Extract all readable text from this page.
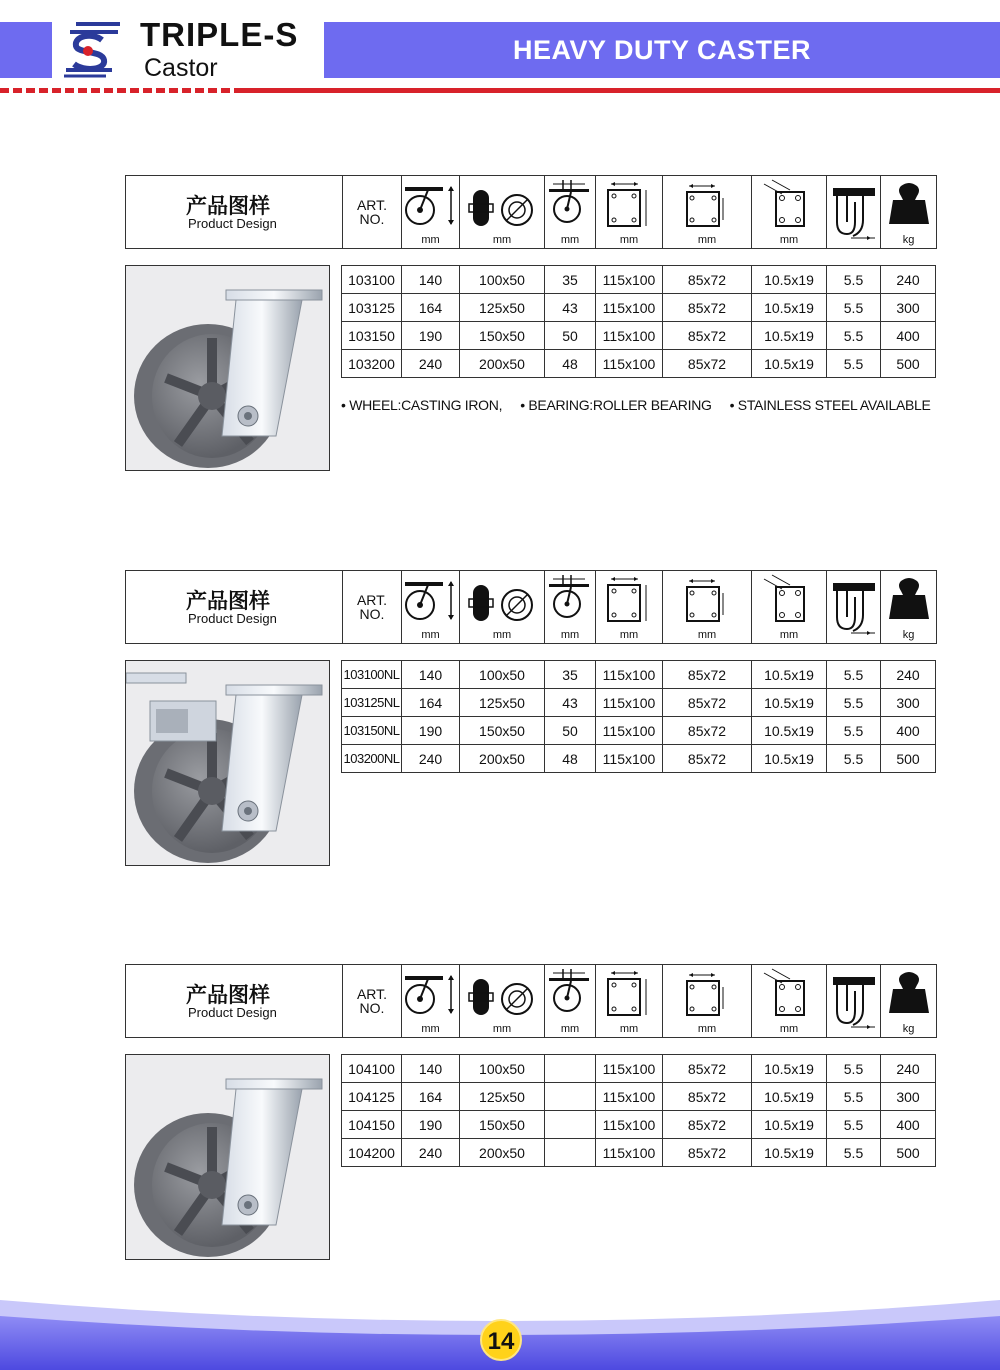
TRIPLE-S
Castor
HEAVY DUTY CASTER
产品图样
Product Design
ART.
NO.
mm	mm	mm	mm	mm	mm	kg
103100	140	100x50	35	115x100	85x72	10.5x19	5.5	240
103125	164	125x50	43	115x100	85x72	10.5x19	5.5	300
103150	190	150x50	50	115x100	85x72	10.5x19	5.5	400
103200	240	200x50	48	115x100	85x72	10.5x19	5.5	500
• WHEEL:CASTING IRON, • BEARING:ROLLER BEARING • STAINLESS STEEL AVAILABLE
产品图样
Product Design
ART.
NO.
mm	mm	mm	mm	mm	mm	kg
103100NL	140	100x50	35	115x100	85x72	10.5x19	5.5	240
103125NL	164	125x50	43	115x100	85x72	10.5x19	5.5	300
103150NL	190	150x50	50	115x100	85x72	10.5x19	5.5	400
103200NL	240	200x50	48	115x100	85x72	10.5x19	5.5	500
产品图样
Product Design
ART.
NO.
mm	mm	mm	mm	mm	mm	kg
104100	140	100x50		115x100	85x72	10.5x19	5.5	240
104125	164	125x50		115x100	85x72	10.5x19	5.5	300
104150	190	150x50		115x100	85x72	10.5x19	5.5	400
104200	240	200x50		115x100	85x72	10.5x19	5.5	500
14
